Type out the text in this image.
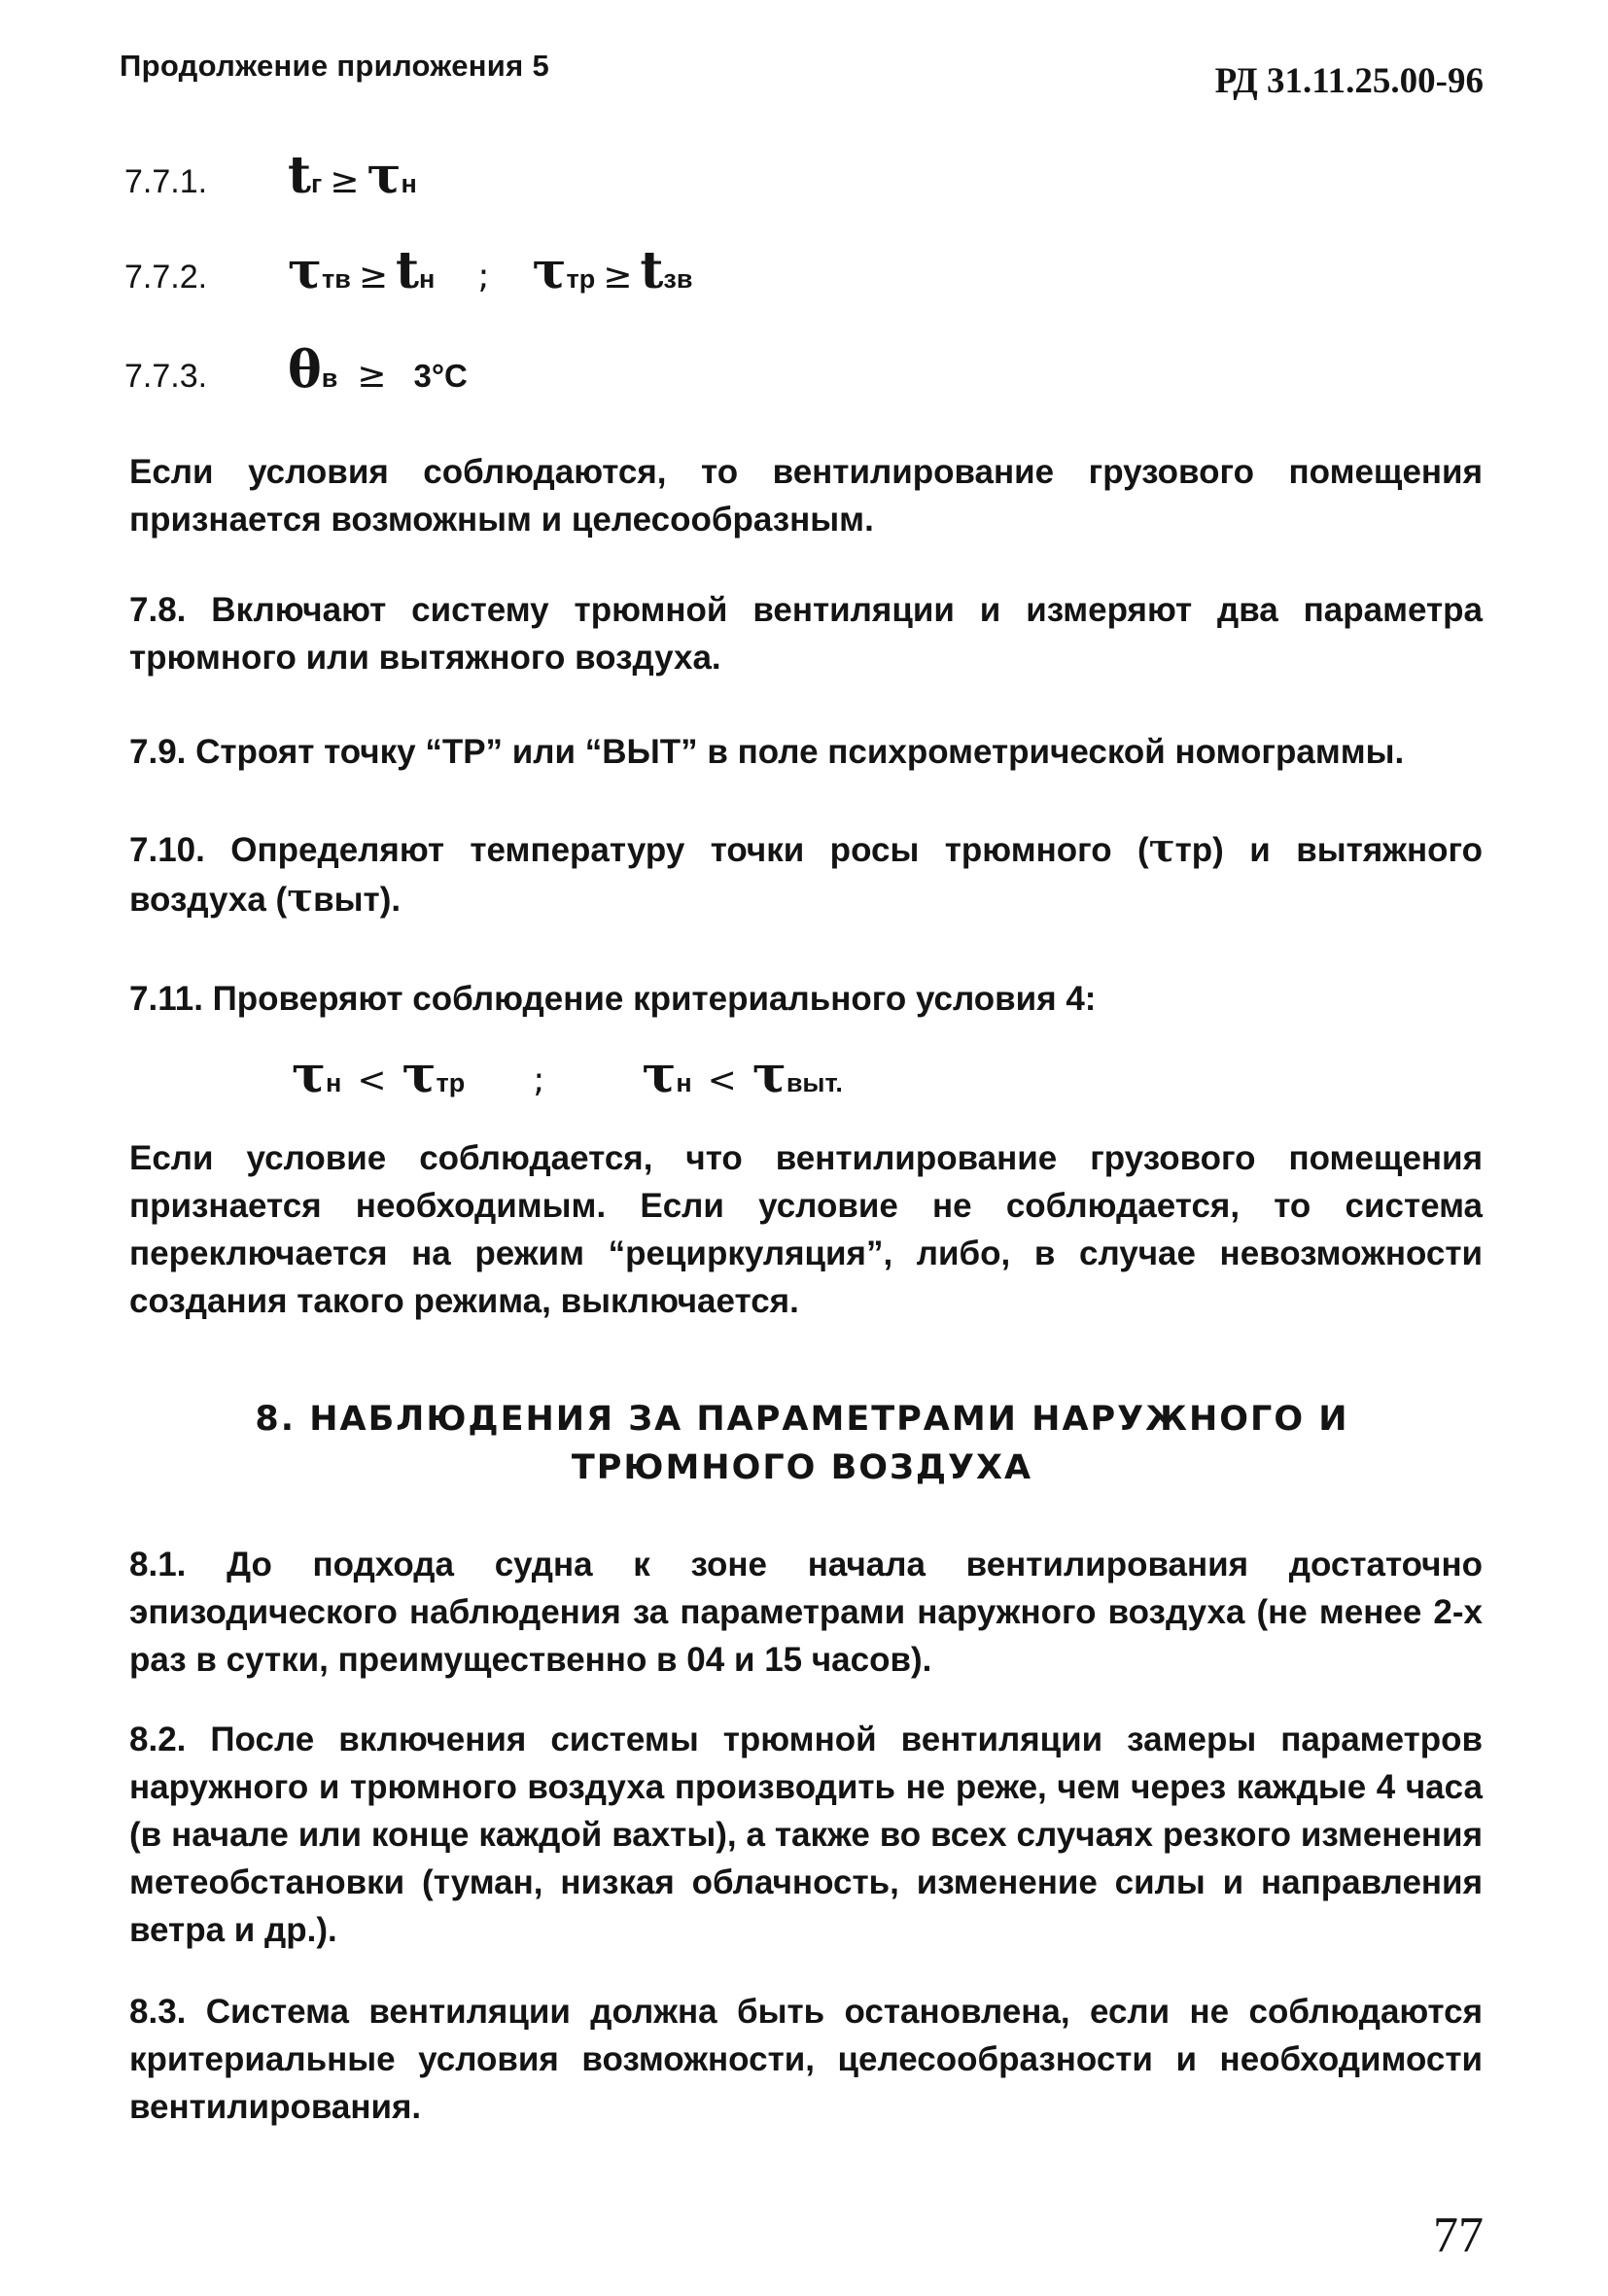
Продолжение приложения 5	РД 31.11.25.00-96
7.7.1. tг ≥ τн
7.7.2. τтв ≥ tн ; τтр ≥ tзв
7.7.3. θв ≥ 3°С
Если условия соблюдаются, то вентилирование грузового помещения признается возможным и целесообразным.
7.8. Включают систему трюмной вентиляции и измеряют два параметра трюмного или вытяжного воздуха.
7.9. Строят точку “ТР” или “ВЫТ” в поле психрометрической номограммы.
7.10. Определяют температуру точки росы трюмного (τтр) и вытяжного воздуха (τвыт).
7.11. Проверяют соблюдение критериального условия 4:
τн < τтр ; τн < τвыт.
Если условие соблюдается, что вентилирование грузового помещения признается необходимым. Если условие не соблюдается, то система переключается на режим “рециркуляция”, либо, в случае невозможности создания такого режима, выключается.
8. НАБЛЮДЕНИЯ ЗА ПАРАМЕТРАМИ НАРУЖНОГО И
ТРЮМНОГО ВОЗДУХА
8.1. До подхода судна к зоне начала вентилирования достаточно эпизодического наблюдения за параметрами наружного воздуха (не менее 2-х раз в сутки, преимущественно в 04 и 15 часов).
8.2. После включения системы трюмной вентиляции замеры параметров наружного и трюмного воздуха производить не реже, чем через каждые 4 часа (в начале или конце каждой вахты), а также во всех случаях резкого изменения метеобстановки (туман, низкая облачность, изменение силы и направления ветра и др.).
8.3. Система вентиляции должна быть остановлена, если не соблюдаются критериальные условия возможности, целесообразности и необходимости вентилирования.
77
